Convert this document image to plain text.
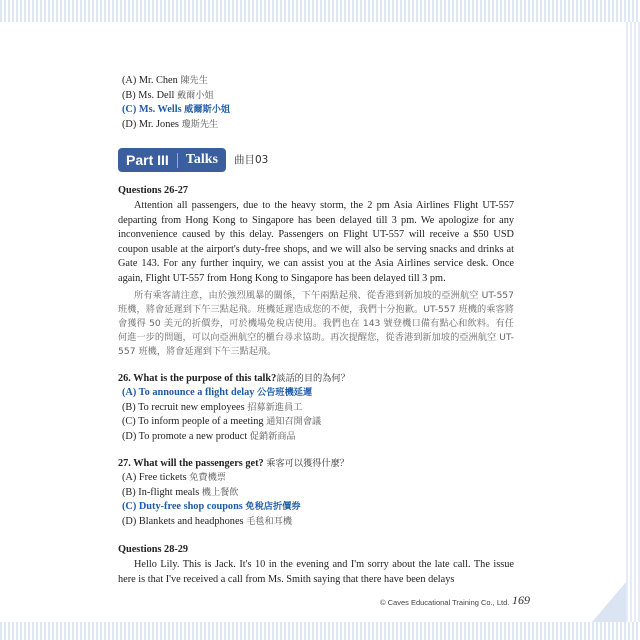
(A) Mr. Chen 陳先生

(B) Ms. Dell 戴爾小姐

(C) Ms. Wells 威爾斯小姐

(D) Mr. Jones 瓊斯先生

Part III	Talks 曲目03

Questions 26-27

Attention all passengers, due to the heavy storm, the 2 pm Asia Airlines Flight UT-557 departing from Hong Kong to Singapore has been delayed till 3 pm. We apologize for any inconvenience caused by this delay. Passengers on Flight UT-557 will receive a $50 USD coupon usable at the airport's duty-free shops, and we will also be serving snacks and drinks at Gate 143. For any further inquiry, we can assist you at the Asia Airlines service desk. Once again, Flight UT-557 from Hong Kong to Singapore has been delayed till 3 pm.

所有乘客請注意，由於強烈風暴的關係，下午兩點起飛、從香港到新加坡的亞洲航空 UT-557 班機，將會延遲到下午三點起飛。班機延遲造成您的不便，我們十分抱歉。UT-557 班機的乘客將會獲得 50 美元的折價券，可於機場免稅店使用。我們也在 143 號登機口備有點心和飲料。有任何進一步的問題，可以向亞洲航空的櫃台尋求協助。再次提醒您，從香港到新加坡的亞洲航空 UT-557 班機，將會延遲到下午三點起飛。

26. What is the purpose of this talk?談話的目的為何？

(A) To announce a flight delay 公告班機延遲

(B) To recruit new employees 招募新進員工

(C) To inform people of a meeting 通知召開會議

(D) To promote a new product 促銷新商品

27. What will the passengers get? 乘客可以獲得什麼？

(A) Free tickets 免費機票

(B) In-flight meals 機上餐飲

(C) Duty-free shop coupons 免稅店折價券

(D) Blankets and headphones 毛毯和耳機

Questions 28-29

Hello Lily. This is Jack. It's 10 in the evening and I'm sorry about the late call. The issue here is that I've received a call from Ms. Smith saying that there have been delays

© Caves Educational Training Co., Ltd. 169
